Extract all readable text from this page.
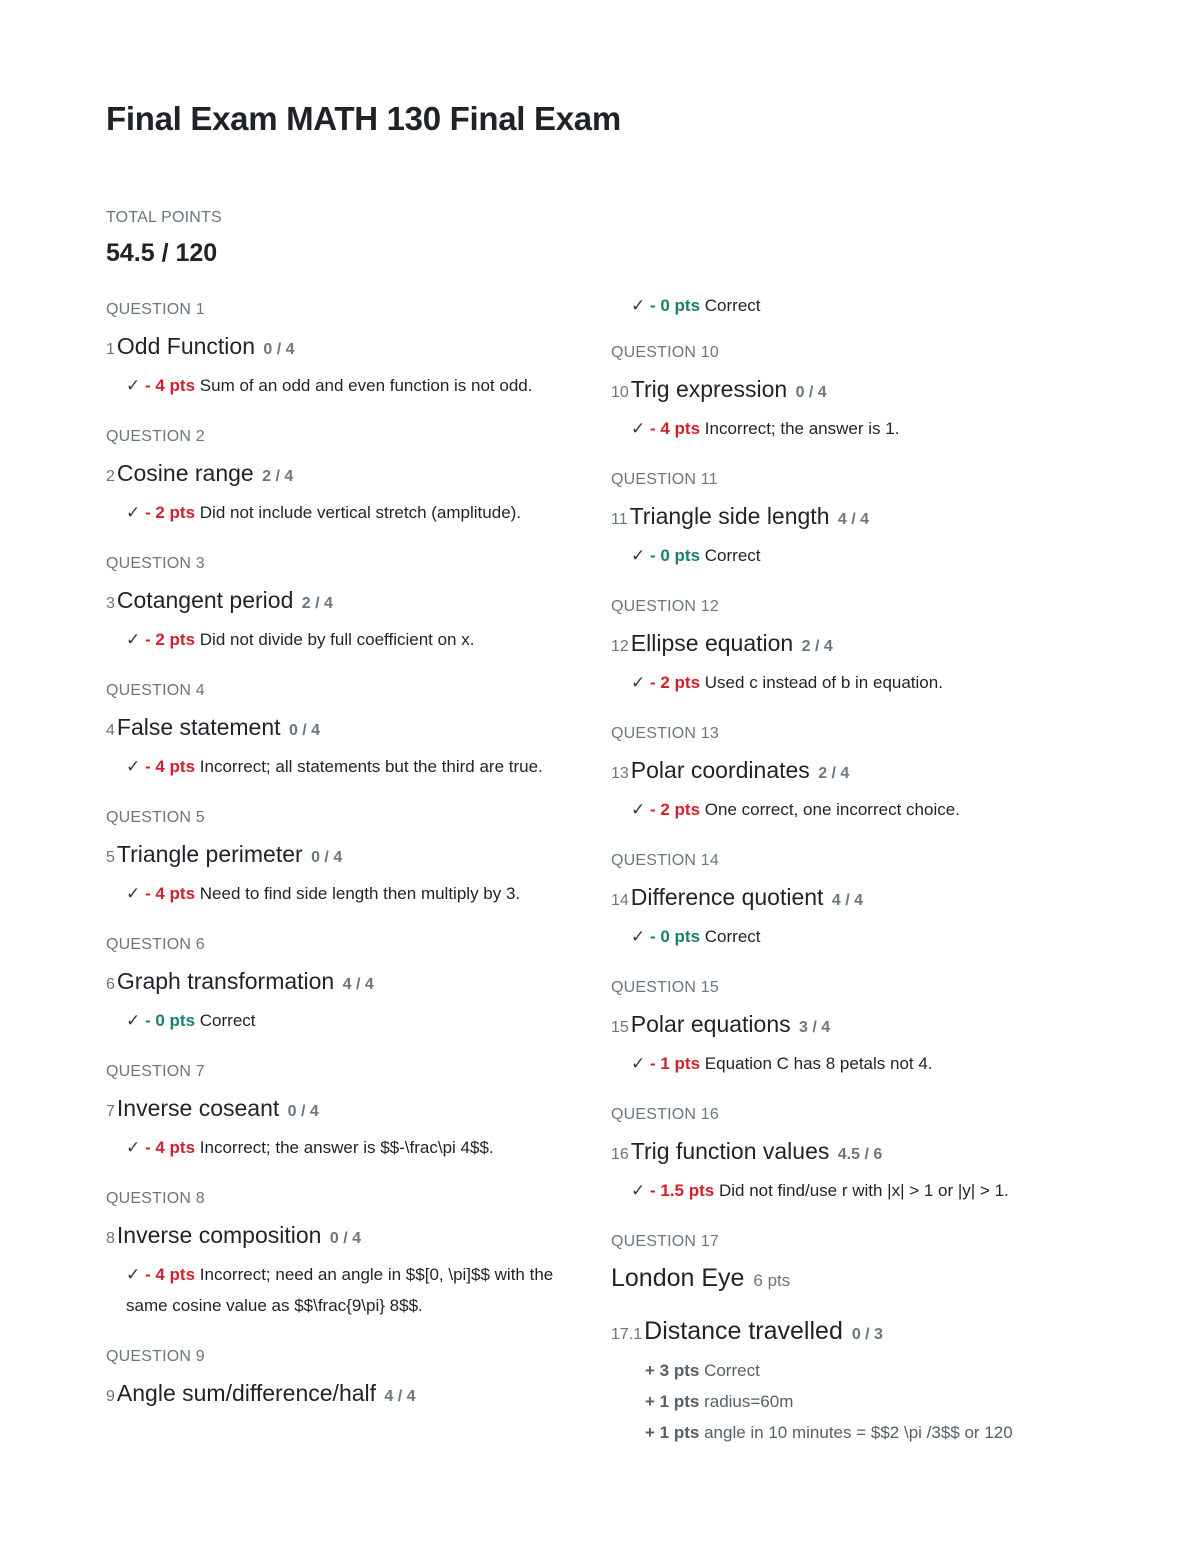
Final Exam MATH 130 Final Exam
TOTAL POINTS
54.5 / 120
QUESTION 1
1Odd Function 0 / 4
✓ - 4 pts Sum of an odd and even function is not odd.
QUESTION 2
2Cosine range 2 / 4
✓ - 2 pts Did not include vertical stretch (amplitude).
QUESTION 3
3Cotangent period 2 / 4
✓ - 2 pts Did not divide by full coefficient on x.
QUESTION 4
4False statement 0 / 4
✓ - 4 pts Incorrect; all statements but the third are true.
QUESTION 5
5Triangle perimeter 0 / 4
✓ - 4 pts Need to find side length then multiply by 3.
QUESTION 6
6Graph transformation 4 / 4
✓ - 0 pts Correct
QUESTION 7
7Inverse coseant 0 / 4
✓ - 4 pts Incorrect; the answer is $$-\frac\pi 4$$.
QUESTION 8
8Inverse composition 0 / 4
✓ - 4 pts Incorrect; need an angle in $$[0, \pi]$$ with the same cosine value as $$\frac{9\pi} 8$$.
QUESTION 9
9Angle sum/difference/half 4 / 4
✓ - 0 pts Correct
QUESTION 10
10Trig expression 0 / 4
✓ - 4 pts Incorrect; the answer is 1.
QUESTION 11
11Triangle side length 4 / 4
✓ - 0 pts Correct
QUESTION 12
12Ellipse equation 2 / 4
✓ - 2 pts Used c instead of b in equation.
QUESTION 13
13Polar coordinates 2 / 4
✓ - 2 pts One correct, one incorrect choice.
QUESTION 14
14Difference quotient 4 / 4
✓ - 0 pts Correct
QUESTION 15
15Polar equations 3 / 4
✓ - 1 pts Equation C has 8 petals not 4.
QUESTION 16
16Trig function values 4.5 / 6
✓ - 1.5 pts Did not find/use r with |x| > 1 or |y| > 1.
QUESTION 17
London Eye 6 pts
17.1Distance travelled 0 / 3
+ 3 pts Correct
+ 1 pts radius=60m
+ 1 pts angle in 10 minutes = $$2 \pi /3$$ or 120
